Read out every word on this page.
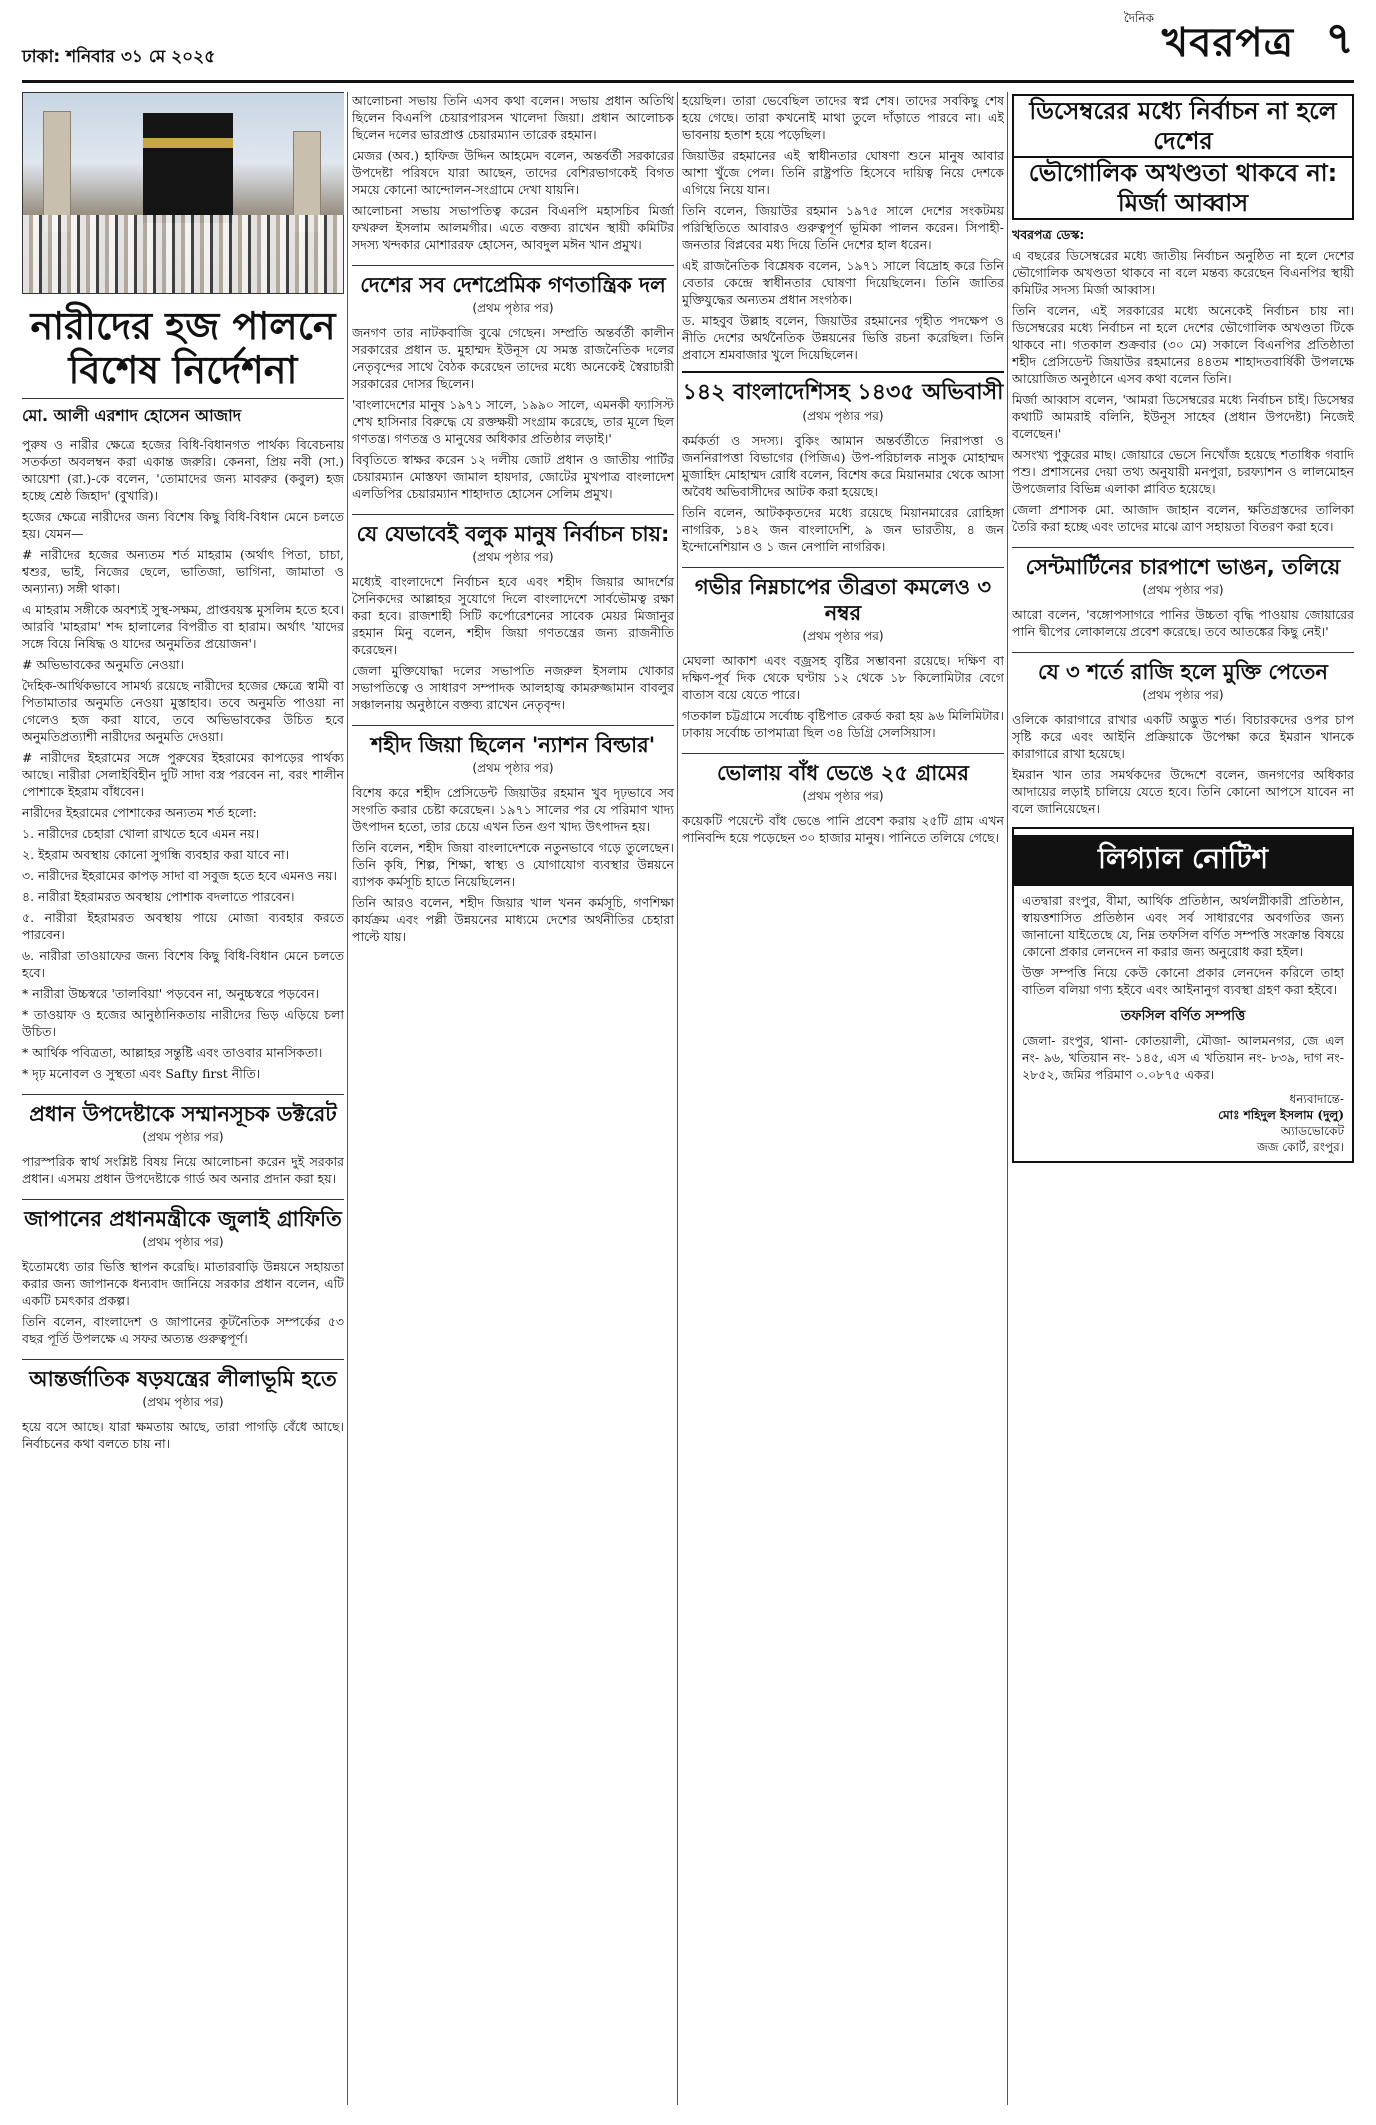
ঢাকা: শনিবার ৩১ মে ২০২৫
দৈনিক
খবরপত্র ৭
নারীদের হজ পালনে বিশেষ নির্দেশনা
মো. আলী এরশাদ হোসেন আজাদ

পুরুষ ও নারীর ক্ষেত্রে হজের বিধি-বিধানগত পার্থক্য বিবেচনায় সতর্কতা অবলম্বন করা একান্ত জরুরি। কেননা, প্রিয় নবী (সা.) আয়েশা (রা.)-কে বলেন, 'তোমাদের জন্য মাবরুর (কবুল) হজ হচ্ছে শ্রেষ্ঠ জিহাদ' (বুখারি)।

হজের ক্ষেত্রে নারীদের জন্য বিশেষ কিছু বিধি-বিধান মেনে চলতে হয়। যেমন—

# নারীদের হজের অন্যতম শর্ত মাহরাম (অর্থাৎ পিতা, চাচা, শ্বশুর, ভাই, নিজের ছেলে, ভাতিজা, ভাগিনা, জামাতা ও অন্যান্য) সঙ্গী থাকা।

এ মাহরাম সঙ্গীকে অবশ্যই সুস্থ-সক্ষম, প্রাপ্তবয়স্ক মুসলিম হতে হবে। আরবি 'মাহরাম' শব্দ হালালের বিপরীত বা হারাম। অর্থাৎ 'যাদের সঙ্গে বিয়ে নিষিদ্ধ ও যাদের অনুমতির প্রয়োজন'।

# অভিভাবকের অনুমতি নেওয়া।

দৈহিক-আর্থিকভাবে সামর্থ্য রয়েছে নারীদের হজের ক্ষেত্রে স্বামী বা পিতামাতার অনুমতি নেওয়া মুস্তাহাব। তবে অনুমতি পাওয়া না গেলেও হজ করা যাবে, তবে অভিভাবকের উচিত হবে অনুমতিপ্রত্যাশী নারীদের অনুমতি দেওয়া।

# নারীদের ইহরামের সঙ্গে পুরুষের ইহরামের কাপড়ের পার্থক্য আছে। নারীরা সেলাইবিহীন দুটি সাদা বস্ত্র পরবেন না, বরং শালীন পোশাকে ইহরাম বাঁধবেন।

নারীদের ইহরামের পোশাকের অন্যতম শর্ত হলো:

১. নারীদের চেহারা খোলা রাখতে হবে এমন নয়।

২. ইহরাম অবস্থায় কোনো সুগন্ধি ব্যবহার করা যাবে না।

৩. নারীদের ইহরামের কাপড় সাদা বা সবুজ হতে হবে এমনও নয়।

৪. নারীরা ইহরামরত অবস্থায় পোশাক বদলাতে পারবেন।

৫. নারীরা ইহরামরত অবস্থায় পায়ে মোজা ব্যবহার করতে পারবেন।

৬. নারীরা তাওয়াফের জন্য বিশেষ কিছু বিধি-বিধান মেনে চলতে হবে।

* নারীরা উচ্চস্বরে 'তালবিয়া' পড়বেন না, অনুচ্চস্বরে পড়বেন।

* তাওয়াফ ও হজের আনুষ্ঠানিকতায় নারীদের ভিড় এড়িয়ে চলা উচিত।

* আর্থিক পবিত্রতা, আল্লাহর সন্তুষ্টি এবং তাওবার মানসিকতা।

* দৃঢ় মনোবল ও সুস্থতা এবং Safty first নীতি।

প্রধান উপদেষ্টাকে সম্মানসূচক ডক্টরেট
(প্রথম পৃষ্ঠার পর)

পারস্পরিক স্বার্থ সংশ্লিষ্ট বিষয় নিয়ে আলোচনা করেন দুই সরকার প্রধান। এসময় প্রধান উপদেষ্টাকে গার্ড অব অনার প্রদান করা হয়।

জাপানের প্রধানমন্ত্রীকে জুলাই গ্রাফিতি
(প্রথম পৃষ্ঠার পর)

ইতোমধ্যে তার ভিত্তি স্থাপন করেছি। মাতারবাড়ি উন্নয়নে সহায়তা করার জন্য জাপানকে ধন্যবাদ জানিয়ে সরকার প্রধান বলেন, এটি একটি চমৎকার প্রকল্প।

তিনি বলেন, বাংলাদেশ ও জাপানের কূটনৈতিক সম্পর্কের ৫৩ বছর পূর্তি উপলক্ষে এ সফর অত্যন্ত গুরুত্বপূর্ণ।

আন্তর্জাতিক ষড়যন্ত্রের লীলাভূমি হতে
(প্রথম পৃষ্ঠার পর)

হয়ে বসে আছে। যারা ক্ষমতায় আছে, তারা পাগড়ি বেঁধে আছে। নির্বাচনের কথা বলতে চায় না।

আলোচনা সভায় তিনি এসব কথা বলেন। সভায় প্রধান অতিথি ছিলেন বিএনপি চেয়ারপারসন খালেদা জিয়া। প্রধান আলোচক ছিলেন দলের ভারপ্রাপ্ত চেয়ারম্যান তারেক রহমান।

মেজর (অব.) হাফিজ উদ্দিন আহমেদ বলেন, অন্তর্বর্তী সরকারের উপদেষ্টা পরিষদে যারা আছেন, তাদের বেশিরভাগকেই বিগত সময়ে কোনো আন্দোলন-সংগ্রামে দেখা যায়নি।

আলোচনা সভায় সভাপতিত্ব করেন বিএনপি মহাসচিব মির্জা ফখরুল ইসলাম আলমগীর। এতে বক্তব্য রাখেন স্থায়ী কমিটির সদস্য খন্দকার মোশাররফ হোসেন, আবদুল মঈন খান প্রমুখ।

দেশের সব দেশপ্রেমিক গণতান্ত্রিক দল
(প্রথম পৃষ্ঠার পর)

জনগণ তার নাটকবাজি বুঝে গেছেন। সম্প্রতি অন্তর্বর্তী কালীন সরকারের প্রধান ড. মুহাম্মদ ইউনূস যে সমস্ত রাজনৈতিক দলের নেতৃবৃন্দের সাথে বৈঠক করেছেন তাদের মধ্যে অনেকেই স্বৈরাচারী সরকারের দোসর ছিলেন।

'বাংলাদেশের মানুষ ১৯৭১ সালে, ১৯৯০ সালে, এমনকী ফ্যাসিস্ট শেখ হাসিনার বিরুদ্ধে যে রক্তক্ষয়ী সংগ্রাম করেছে, তার মূলে ছিল গণতন্ত্র। গণতন্ত্র ও মানুষের অধিকার প্রতিষ্ঠার লড়াই।'

বিবৃতিতে স্বাক্ষর করেন ১২ দলীয় জোট প্রধান ও জাতীয় পার্টির চেয়ারম্যান মোস্তফা জামাল হায়দার, জোটের মুখপাত্র বাংলাদেশ এলডিপির চেয়ারম্যান শাহাদাত হোসেন সেলিম প্রমুখ।

যে যেভাবেই বলুক মানুষ নির্বাচন চায়:
(প্রথম পৃষ্ঠার পর)

মধ্যেই বাংলাদেশে নির্বাচন হবে এবং শহীদ জিয়ার আদর্শের সৈনিকদের আল্লাহর সুযোগে দিলে বাংলাদেশে সার্বভৌমত্ব রক্ষা করা হবে। রাজশাহী সিটি কর্পোরেশনের সাবেক মেয়র মিজানুর রহমান মিনু বলেন, শহীদ জিয়া গণতন্ত্রের জন্য রাজনীতি করেছেন।

জেলা মুক্তিযোদ্ধা দলের সভাপতি নজরুল ইসলাম খোকার সভাপতিত্বে ও সাধারণ সম্পাদক আলহাজ্ব কামরুজ্জামান বাবলুর সঞ্চালনায় অনুষ্ঠানে বক্তব্য রাখেন নেতৃবৃন্দ।

শহীদ জিয়া ছিলেন 'ন্যাশন বিল্ডার'
(প্রথম পৃষ্ঠার পর)

বিশেষ করে শহীদ প্রেসিডেন্ট জিয়াউর রহমান খুব দৃঢ়ভাবে সব সংগতি করার চেষ্টা করেছেন। ১৯৭১ সালের পর যে পরিমাণ খাদ্য উৎপাদন হতো, তার চেয়ে এখন তিন গুণ খাদ্য উৎপাদন হয়।

তিনি বলেন, শহীদ জিয়া বাংলাদেশকে নতুনভাবে গড়ে তুলেছেন। তিনি কৃষি, শিল্প, শিক্ষা, স্বাস্থ্য ও যোগাযোগ ব্যবস্থার উন্নয়নে ব্যাপক কর্মসূচি হাতে নিয়েছিলেন।

তিনি আরও বলেন, শহীদ জিয়ার খাল খনন কর্মসূচি, গণশিক্ষা কার্যক্রম এবং পল্লী উন্নয়নের মাধ্যমে দেশের অর্থনীতির চেহারা পাল্টে যায়।

হয়েছিল। তারা ভেবেছিল তাদের স্বপ্ন শেষ। তাদের সবকিছু শেষ হয়ে গেছে। তারা কখনোই মাথা তুলে দাঁড়াতে পারবে না। এই ভাবনায় হতাশ হয়ে পড়েছিল।

জিয়াউর রহমানের এই স্বাধীনতার ঘোষণা শুনে মানুষ আবার আশা খুঁজে পেল। তিনি রাষ্ট্রপতি হিসেবে দায়িত্ব নিয়ে দেশকে এগিয়ে নিয়ে যান।

তিনি বলেন, জিয়াউর রহমান ১৯৭৫ সালে দেশের সংকটময় পরিস্থিতিতে আবারও গুরুত্বপূর্ণ ভূমিকা পালন করেন। সিপাহী-জনতার বিপ্লবের মধ্য দিয়ে তিনি দেশের হাল ধরেন।

এই রাজনৈতিক বিশ্লেষক বলেন, ১৯৭১ সালে বিদ্রোহ করে তিনি বেতার কেন্দ্রে স্বাধীনতার ঘোষণা দিয়েছিলেন। তিনি জাতির মুক্তিযুদ্ধের অন্যতম প্রধান সংগঠক।

ড. মাহবুব উল্লাহ বলেন, জিয়াউর রহমানের গৃহীত পদক্ষেপ ও নীতি দেশের অর্থনৈতিক উন্নয়নের ভিত্তি রচনা করেছিল। তিনি প্রবাসে শ্রমবাজার খুলে দিয়েছিলেন।

১৪২ বাংলাদেশিসহ ১৪৩৫ অভিবাসী
(প্রথম পৃষ্ঠার পর)

কর্মকর্তা ও সদস্য। বুকিং আমান অন্তর্বর্তীতে নিরাপত্তা ও জননিরাপত্তা বিভাগের (পিজিএ) উপ-পরিচালক নাসুক মোহাম্মদ মুজাহিদ মোহাম্মদ রোধি বলেন, বিশেষ করে মিয়ানমার থেকে আসা অবৈধ অভিবাসীদের আটক করা হয়েছে।

তিনি বলেন, আটককৃতদের মধ্যে রয়েছে মিয়ানমারের রোহিঙ্গা নাগরিক, ১৪২ জন বাংলাদেশি, ৯ জন ভারতীয়, ৪ জন ইন্দোনেশিয়ান ও ১ জন নেপালি নাগরিক।

গভীর নিম্নচাপের তীব্রতা কমলেও ৩ নম্বর
(প্রথম পৃষ্ঠার পর)

মেঘলা আকাশ এবং বজ্রসহ বৃষ্টির সম্ভাবনা রয়েছে। দক্ষিণ বা দক্ষিণ-পূর্ব দিক থেকে ঘণ্টায় ১২ থেকে ১৮ কিলোমিটার বেগে বাতাস বয়ে যেতে পারে।

গতকাল চট্টগ্রামে সর্বোচ্চ বৃষ্টিপাত রেকর্ড করা হয় ৯৬ মিলিমিটার। ঢাকায় সর্বোচ্চ তাপমাত্রা ছিল ৩৪ ডিগ্রি সেলসিয়াস।

ভোলায় বাঁধ ভেঙে ২৫ গ্রামের
(প্রথম পৃষ্ঠার পর)

কয়েকটি পয়েন্টে বাঁধ ভেঙে পানি প্রবেশ করায় ২৫টি গ্রাম এখন পানিবন্দি হয়ে পড়েছেন ৩০ হাজার মানুষ। পানিতে তলিয়ে গেছে।

ডিসেম্বরের মধ্যে নির্বাচন না হলে দেশের
ভৌগোলিক অখণ্ডতা থাকবে না: মির্জা আব্বাস

খবরপত্র ডেস্ক:

এ বছরের ডিসেম্বরের মধ্যে জাতীয় নির্বাচন অনুষ্ঠিত না হলে দেশের ভৌগোলিক অখণ্ডতা থাকবে না বলে মন্তব্য করেছেন বিএনপির স্থায়ী কমিটির সদস্য মির্জা আব্বাস।

তিনি বলেন, এই সরকারের মধ্যে অনেকেই নির্বাচন চায় না। ডিসেম্বরের মধ্যে নির্বাচন না হলে দেশের ভৌগোলিক অখণ্ডতা টিকে থাকবে না। গতকাল শুক্রবার (৩০ মে) সকালে বিএনপির প্রতিষ্ঠাতা শহীদ প্রেসিডেন্ট জিয়াউর রহমানের ৪৪তম শাহাদতবার্ষিকী উপলক্ষে আয়োজিত অনুষ্ঠানে এসব কথা বলেন তিনি।

মির্জা আব্বাস বলেন, 'আমরা ডিসেম্বরের মধ্যে নির্বাচন চাই। ডিসেম্বর কথাটি আমরাই বলিনি, ইউনূস সাহেব (প্রধান উপদেষ্টা) নিজেই বলেছেন।'

অসংখ্য পুকুরের মাছ। জোয়ারে ভেসে নিখোঁজ হয়েছে শতাধিক গবাদি পশু। প্রশাসনের দেয়া তথ্য অনুযায়ী মনপুরা, চরফ্যাশন ও লালমোহন উপজেলার বিভিন্ন এলাকা প্লাবিত হয়েছে।

জেলা প্রশাসক মো. আজাদ জাহান বলেন, ক্ষতিগ্রস্তদের তালিকা তৈরি করা হচ্ছে এবং তাদের মাঝে ত্রাণ সহায়তা বিতরণ করা হবে।

সেন্টমার্টিনের চারপাশে ভাঙন, তলিয়ে
(প্রথম পৃষ্ঠার পর)

আরো বলেন, 'বঙ্গোপসাগরে পানির উচ্চতা বৃদ্ধি পাওয়ায় জোয়ারের পানি দ্বীপের লোকালয়ে প্রবেশ করেছে। তবে আতঙ্কের কিছু নেই।'

যে ৩ শর্তে রাজি হলে মুক্তি পেতেন
(প্রথম পৃষ্ঠার পর)

ওলিকে কারাগারে রাখার একটি অদ্ভুত শর্ত। বিচারকদের ওপর চাপ সৃষ্টি করে এবং আইনি প্রক্রিয়াকে উপেক্ষা করে ইমরান খানকে কারাগারে রাখা হয়েছে।

ইমরান খান তার সমর্থকদের উদ্দেশে বলেন, জনগণের অধিকার আদায়ের লড়াই চালিয়ে যেতে হবে। তিনি কোনো আপসে যাবেন না বলে জানিয়েছেন।

লিগ্যাল নোটিশ

এতদ্বারা রংপুর, বীমা, আর্থিক প্রতিষ্ঠান, অর্থলগ্নীকারী প্রতিষ্ঠান, স্বায়ত্তশাসিত প্রতিষ্ঠান এবং সর্ব সাধারণের অবগতির জন্য জানানো যাইতেছে যে, নিম্ন তফসিল বর্ণিত সম্পত্তি সংক্রান্ত বিষয়ে কোনো প্রকার লেনদেন না করার জন্য অনুরোধ করা হইল।

উক্ত সম্পত্তি নিয়ে কেউ কোনো প্রকার লেনদেন করিলে তাহা বাতিল বলিয়া গণ্য হইবে এবং আইনানুগ ব্যবস্থা গ্রহণ করা হইবে।

তফসিল বর্ণিত সম্পত্তি

জেলা- রংপুর, থানা- কোতয়ালী, মৌজা- আলমনগর, জে এল নং- ৯৬, খতিয়ান নং- ১৪৫, এস এ খতিয়ান নং- ৮৩৯, দাগ নং- ২৮৫২, জমির পরিমাণ ০.০৮৭৫ একর।

ধন্যবাদান্তে-
মোঃ শহিদুল ইসলাম (দুলু)
অ্যাডভোকেট
জজ কোর্ট, রংপুর।
